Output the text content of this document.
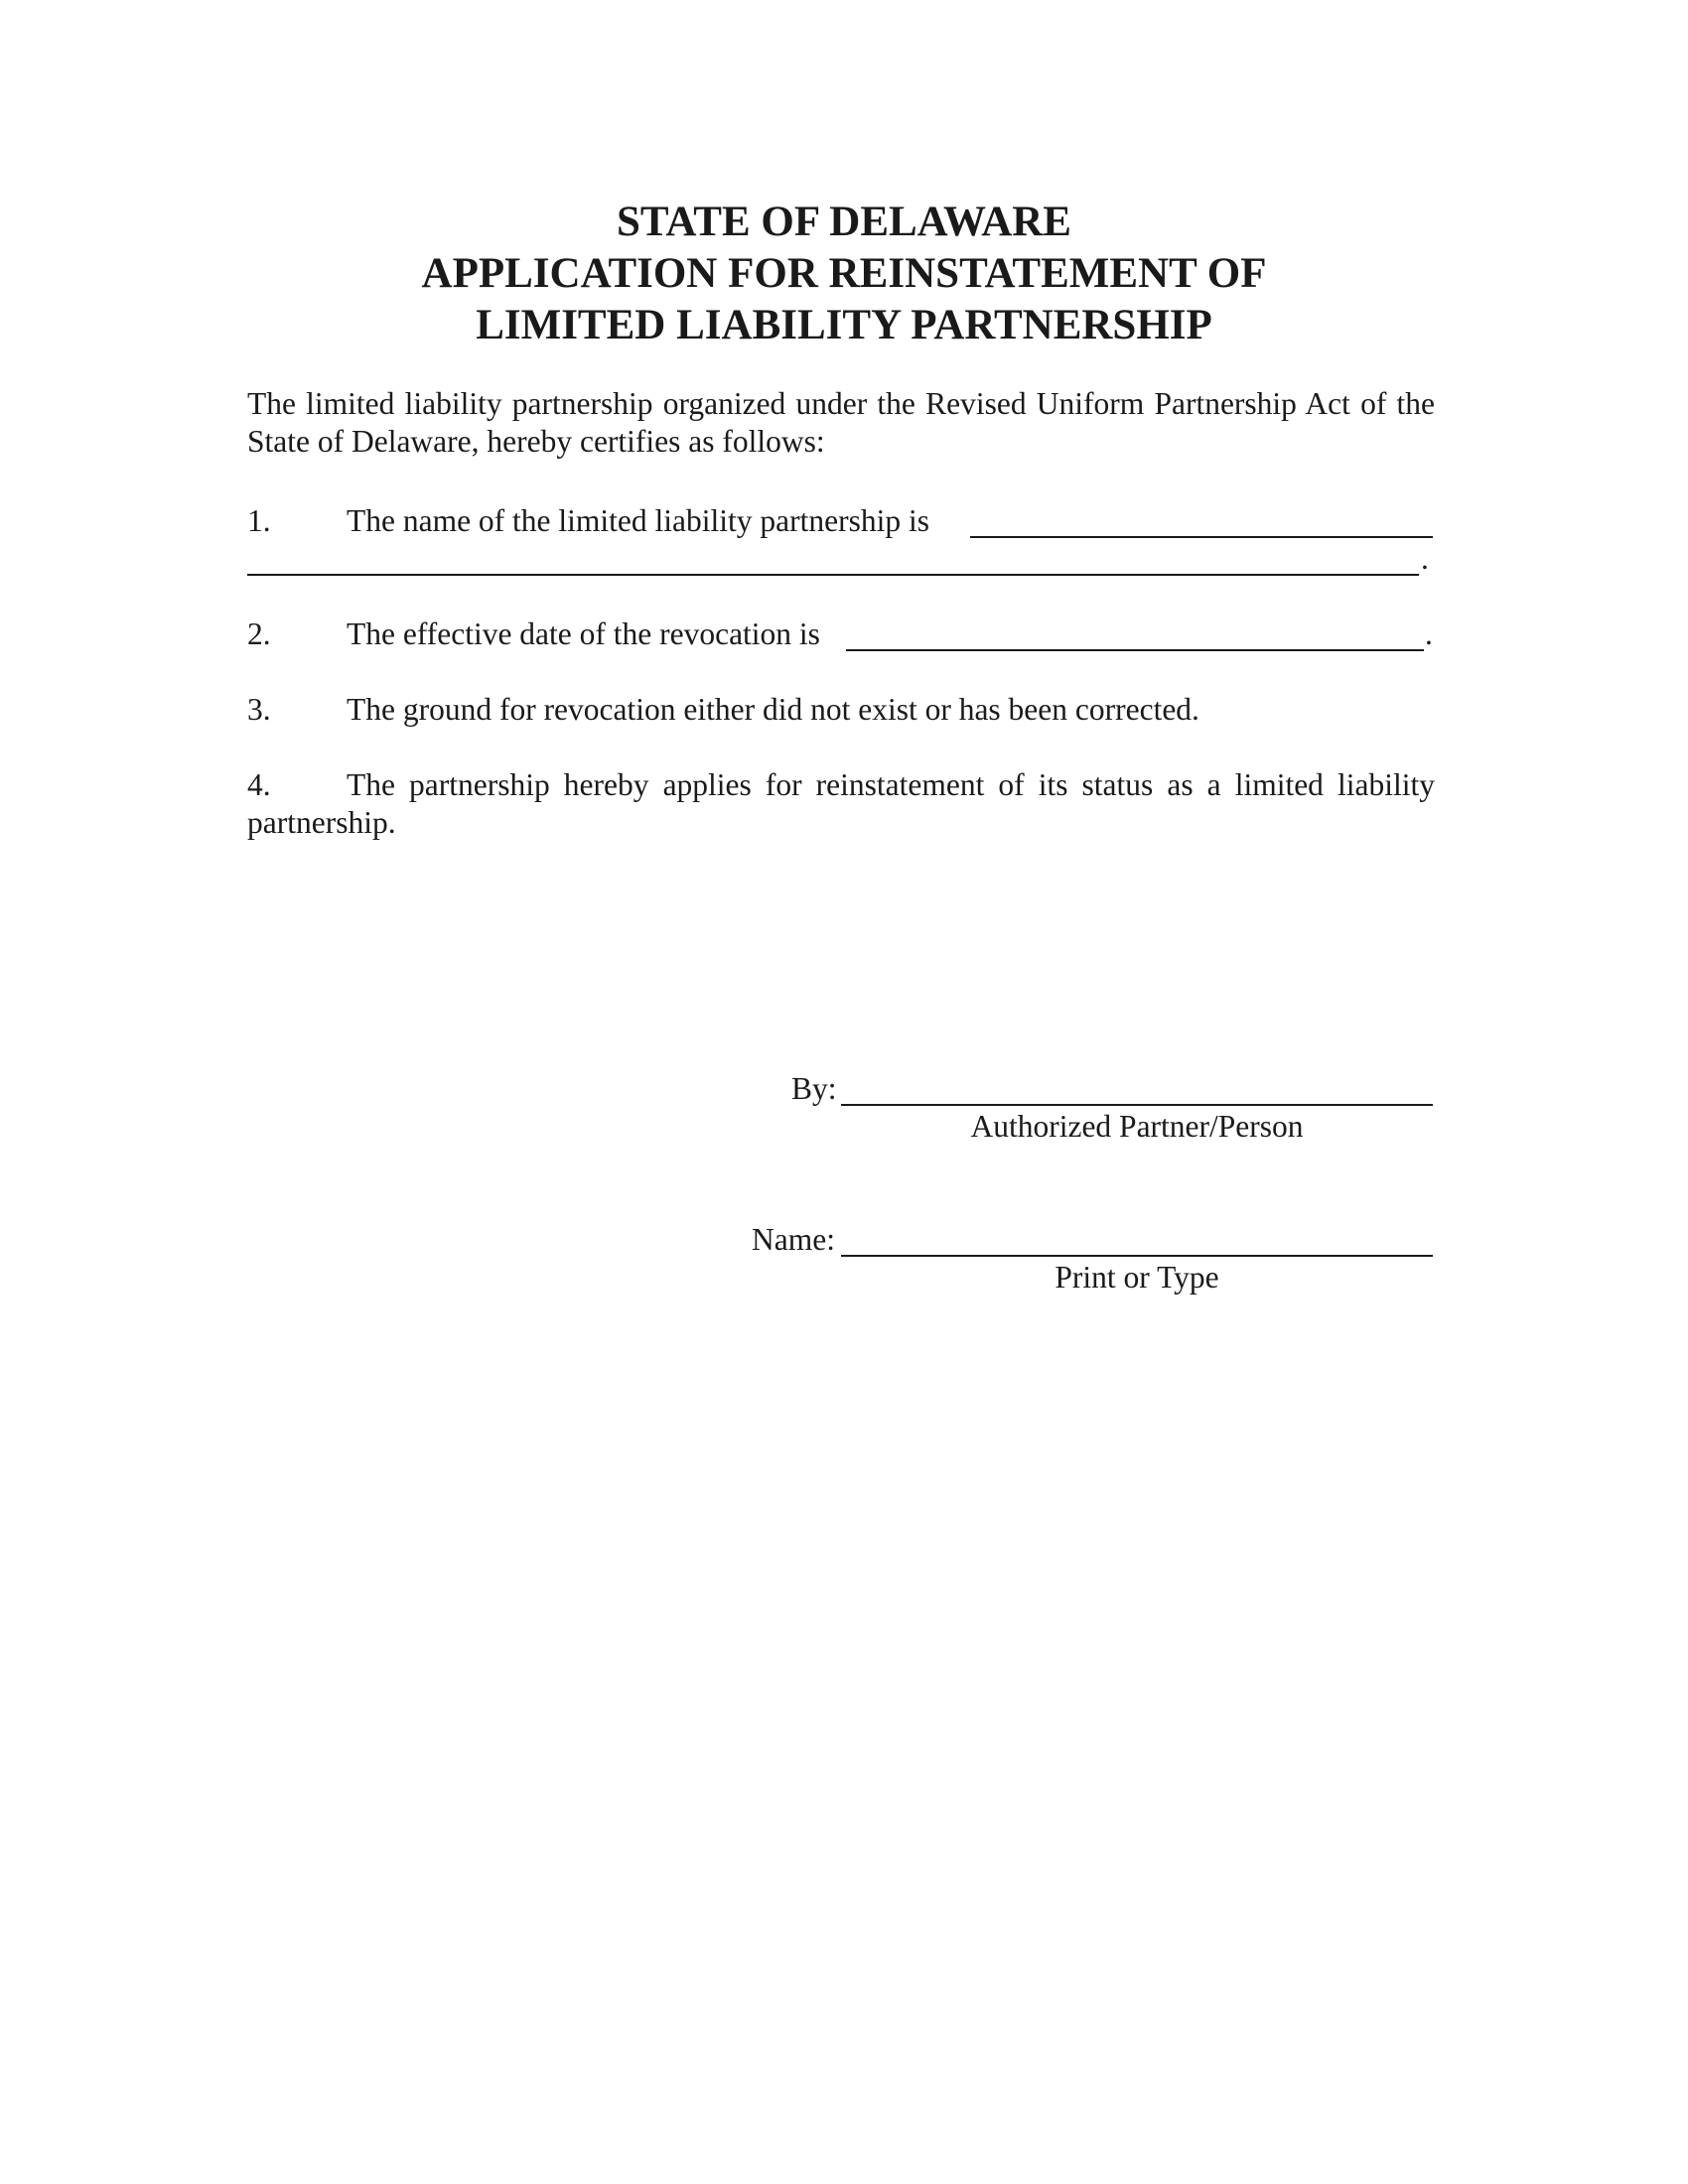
STATE OF DELAWARE
APPLICATION FOR REINSTATEMENT OF
LIMITED LIABILITY PARTNERSHIP
The limited liability partnership organized under the Revised Uniform Partnership Act of the State of Delaware, hereby certifies as follows:
1. The name of the limited liability partnership is
.
2. The effective date of the revocation is	.
3. The ground for revocation either did not exist or has been corrected.
4. The partnership hereby applies for reinstatement of its status as a limited liability partnership.
By:
Authorized Partner/Person
Name:
Print or Type
